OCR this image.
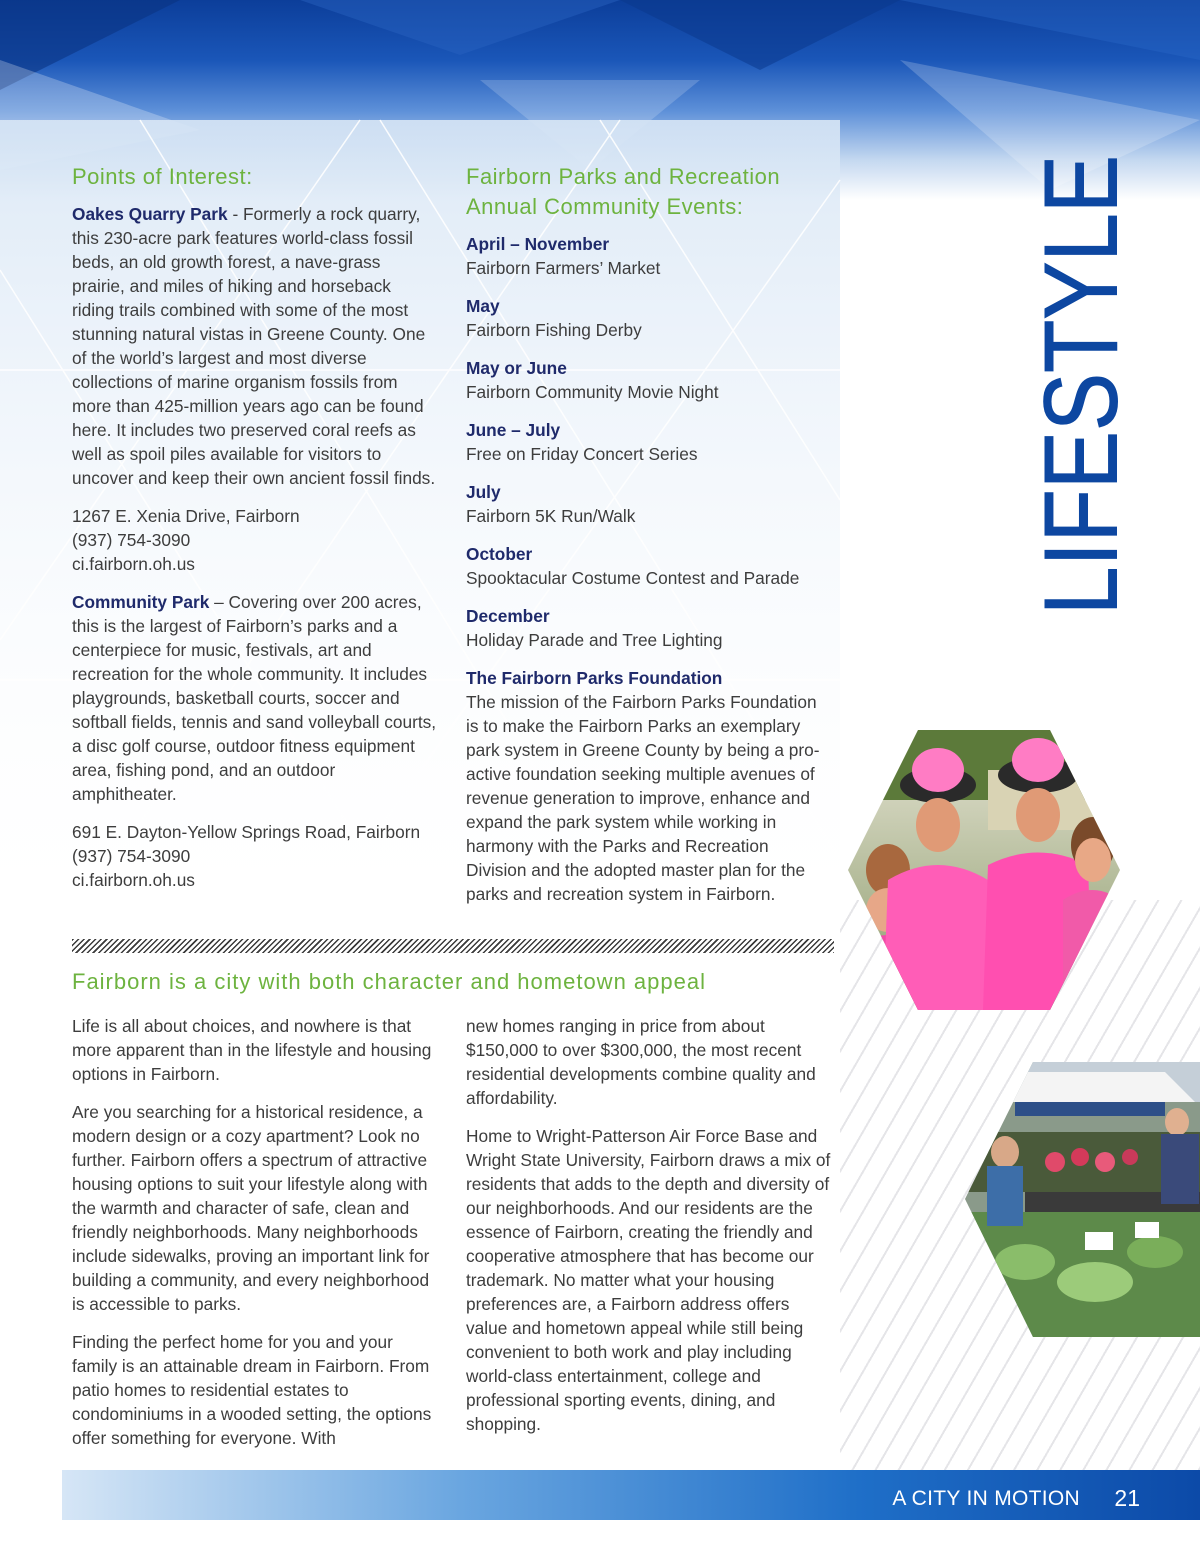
LIFESTYLE
Points of Interest:

Oakes Quarry Park - Formerly a rock quarry, this 230-acre park features world-class fossil beds, an old growth forest, a nave-grass prairie, and miles of hiking and horseback riding trails combined with some of the most stunning natural vistas in Greene County. One of the world’s largest and most diverse collections of marine organism fossils from more than 425-million years ago can be found here. It includes two preserved coral reefs as well as spoil piles available for visitors to uncover and keep their own ancient fossil finds.

1267 E. Xenia Drive, Fairborn
(937) 754-3090
ci.fairborn.oh.us

Community Park – Covering over 200 acres, this is the largest of Fairborn’s parks and a centerpiece for music, festivals, art and recreation for the whole community. It includes playgrounds, basketball courts, soccer and softball fields, tennis and sand volleyball courts, a disc golf course, outdoor fitness equipment area, fishing pond, and an outdoor amphitheater.

691 E. Dayton-Yellow Springs Road, Fairborn
(937) 754-3090
ci.fairborn.oh.us

Fairborn Parks and Recreation
Annual Community Events:
April – November
Fairborn Farmers’ Market
May
Fairborn Fishing Derby
May or June
Fairborn Community Movie Night
June – July
Free on Friday Concert Series
July
Fairborn 5K Run/Walk
October
Spooktacular Costume Contest and Parade
December
Holiday Parade and Tree Lighting

The Fairborn Parks Foundation
The mission of the Fairborn Parks Foundation is to make the Fairborn Parks an exemplary park system in Greene County by being a pro-active foundation seeking multiple avenues of revenue generation to improve, enhance and expand the park system while working in harmony with the Parks and Recreation Division and the adopted master plan for the parks and recreation system in Fairborn.

Fairborn is a city with both character and hometown appeal

Life is all about choices, and nowhere is that more apparent than in the lifestyle and housing options in Fairborn.

Are you searching for a historical residence, a modern design or a cozy apartment? Look no further. Fairborn offers a spectrum of attractive housing options to suit your lifestyle along with the warmth and character of safe, clean and friendly neighborhoods. Many neighborhoods include sidewalks, proving an important link for building a community, and every neighborhood is accessible to parks.

Finding the perfect home for you and your family is an attainable dream in Fairborn. From patio homes to residential estates to condominiums in a wooded setting, the options offer something for everyone. With

new homes ranging in price from about $150,000 to over $300,000, the most recent residential developments combine quality and affordability.

Home to Wright-Patterson Air Force Base and Wright State University, Fairborn draws a mix of residents that adds to the depth and diversity of our neighborhoods. And our residents are the essence of Fairborn, creating the friendly and cooperative atmosphere that has become our trademark. No matter what your housing preferences are, a Fairborn address offers value and hometown appeal while still being convenient to both work and play including world-class entertainment, college and professional sporting events, dining, and shopping.

A CITY IN MOTION 21
